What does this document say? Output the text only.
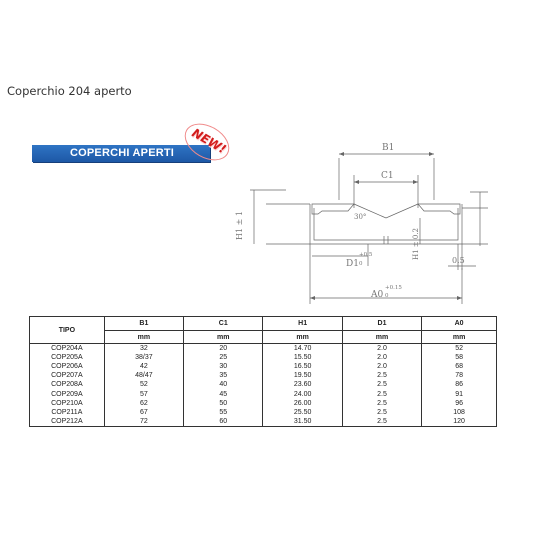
Coperchio 204 aperto
COPERCHI APERTI	NEW!	B1
C1
30°
H1 ± 1
H1 ± 0.2
D1
+0.5
0	0.5
A0
+0.15
0
TIPO	B1	C1	H1	D1	A0
	mm	mm	mm	mm	mm
COP204A	32	20	14.70	2.0	52
COP205A	38/37	25	15.50	2.0	58
COP206A	42	30	16.50	2.0	68
COP207A	48/47	35	19.50	2.5	78
COP208A	52	40	23.60	2.5	86
COP209A	57	45	24.00	2.5	91
COP210A	62	50	26.00	2.5	96
COP211A	67	55	25.50	2.5	108
COP212A	72	60	31.50	2.5	120
